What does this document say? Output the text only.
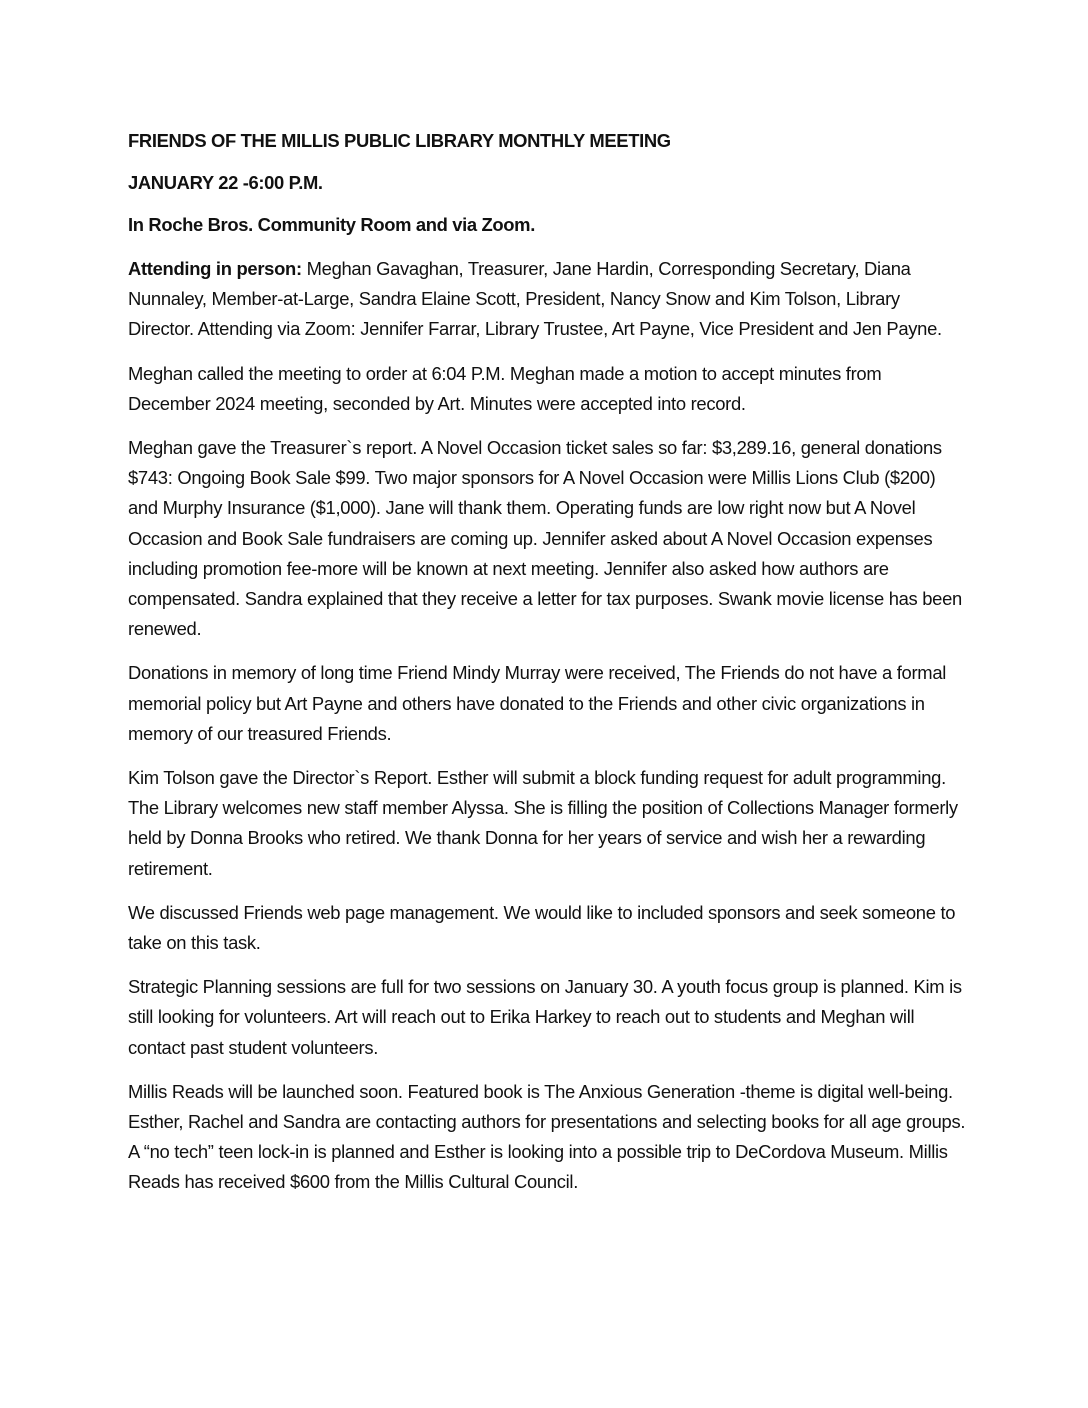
FRIENDS OF THE MILLIS PUBLIC LIBRARY MONTHLY MEETING

JANUARY 22 -6:00 P.M.

In Roche Bros. Community Room and via Zoom.

Attending in person: Meghan Gavaghan, Treasurer, Jane Hardin, Corresponding Secretary, Diana Nunnaley, Member-at-Large, Sandra Elaine Scott, President, Nancy Snow and Kim Tolson, Library Director. Attending via Zoom: Jennifer Farrar, Library Trustee, Art Payne, Vice President and Jen Payne.

Meghan called the meeting to order at 6:04 P.M. Meghan made a motion to accept minutes from December 2024 meeting, seconded by Art. Minutes were accepted into record.

Meghan gave the Treasurer`s report. A Novel Occasion ticket sales so far: $3,289.16, general donations $743: Ongoing Book Sale $99. Two major sponsors for A Novel Occasion were Millis Lions Club ($200) and Murphy Insurance ($1,000). Jane will thank them. Operating funds are low right now but A Novel Occasion and Book Sale fundraisers are coming up. Jennifer asked about A Novel Occasion expenses including promotion fee-more will be known at next meeting. Jennifer also asked how authors are compensated. Sandra explained that they receive a letter for tax purposes. Swank movie license has been renewed.

Donations in memory of long time Friend Mindy Murray were received, The Friends do not have a formal memorial policy but Art Payne and others have donated to the Friends and other civic organizations in memory of our treasured Friends.

Kim Tolson gave the Director`s Report. Esther will submit a block funding request for adult programming. The Library welcomes new staff member Alyssa. She is filling the position of Collections Manager formerly held by Donna Brooks who retired. We thank Donna for her years of service and wish her a rewarding retirement.

We discussed Friends web page management. We would like to included sponsors and seek someone to take on this task.

Strategic Planning sessions are full for two sessions on January 30. A youth focus group is planned. Kim is still looking for volunteers. Art will reach out to Erika Harkey to reach out to students and Meghan will contact past student volunteers.

Millis Reads will be launched soon. Featured book is The Anxious Generation -theme is digital well-being. Esther, Rachel and Sandra are contacting authors for presentations and selecting books for all age groups. A “no tech” teen lock-in is planned and Esther is looking into a possible trip to DeCordova Museum. Millis Reads has received $600 from the Millis Cultural Council.
